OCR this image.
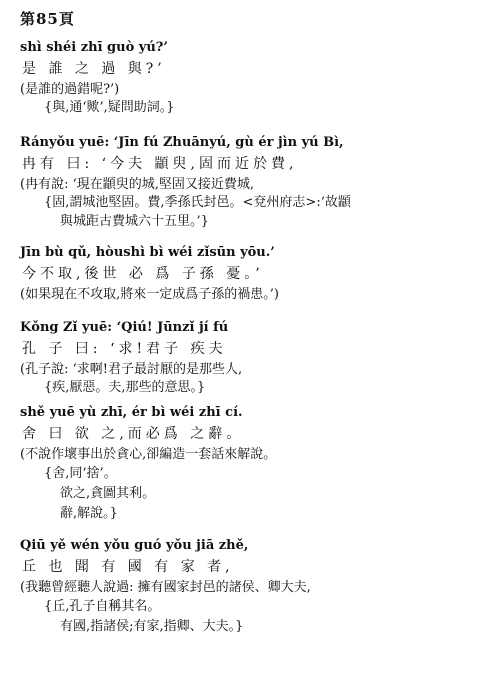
第85頁
shì shéi zhī guò yú?’
是 誰 之 過 與?’
(是誰的過錯呢?’)
{與,通‘歟’,疑問助詞。}
Rányǒu yuē: ‘Jīn fú Zhuānyú, gù ér jìn yú Bì,
冉有 曰: ‘今夫 顓臾,固而近於費,
(冉有說: ‘現在顓臾的城,堅固又接近費城,
{固,謂城池堅固。費,季孫氏封邑。<兗州府志>:‘故顓
與城距古費城六十五里。’}
Jīn bù qǔ, hòushì bì wéi zǐsūn yōu.’
今不取,後世 必 爲 子孫 憂。’
(如果現在不攻取,將來一定成爲子孫的禍患。’)
Kǒng Zǐ yuē: ‘Qiú! Jūnzǐ jí fú
孔 子 曰: ‘求!君子 疾夫
(孔子說: ‘求啊!君子最討厭的是那些人,
{疾,厭惡。夫,那些的意思。}
shě yuē yù zhī, ér bì wéi zhī cí.
舍 曰 欲 之,而必爲 之辭。
(不說作壞事出於貪心,卻編造一套話來解說。
{舍,同‘捨’。
欲之,貪圖其利。
辭,解說。}
Qiū yě wén yǒu guó yǒu jiā zhě,
丘 也 聞 有 國 有 家 者,
(我聽曾經聽人說過: 擁有國家封邑的諸侯、卿大夫,
{丘,孔子自稱其名。
有國,指諸侯;有家,指卿、大夫。}
